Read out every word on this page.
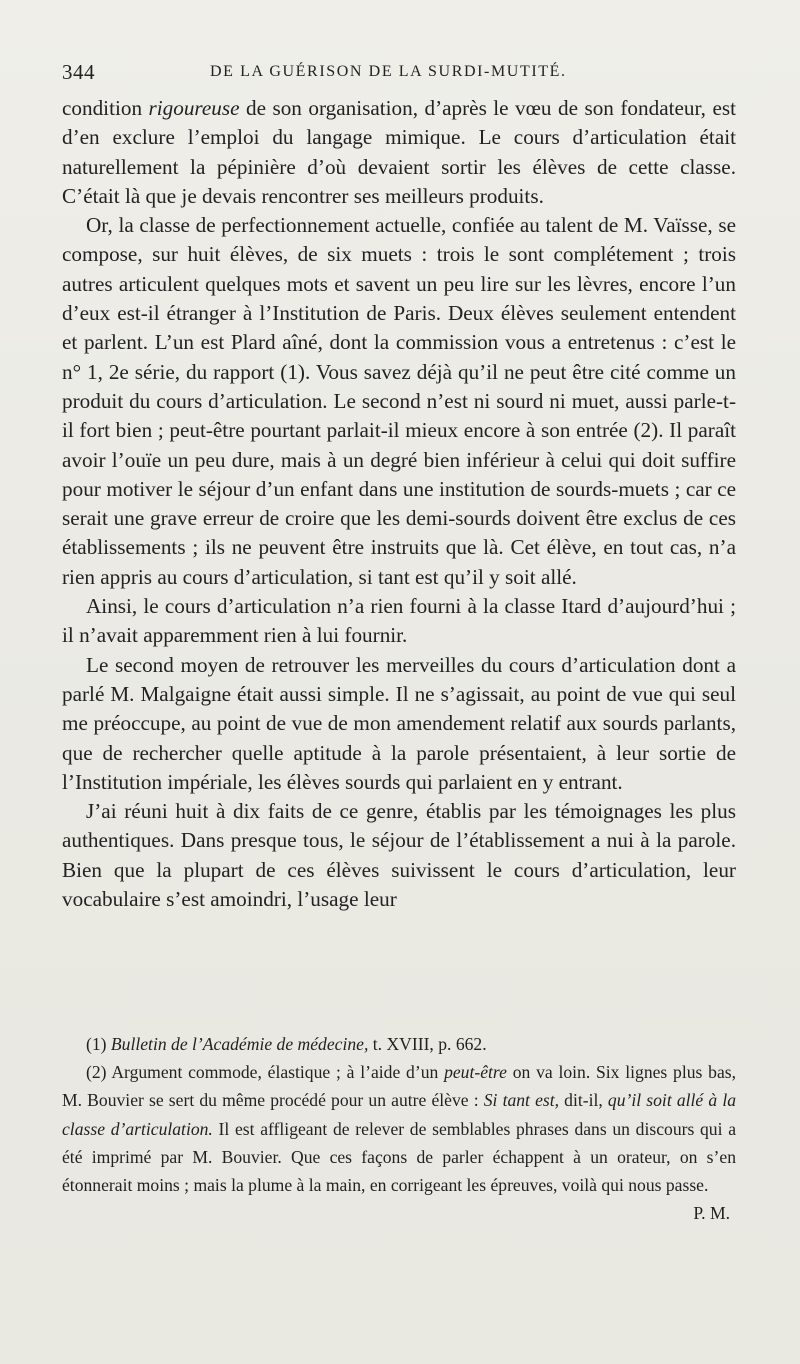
344	DE LA GUÉRISON DE LA SURDI-MUTITÉ.

condition rigoureuse de son organisation, d’après le vœu de son fondateur, est d’en exclure l’emploi du langage mimique. Le cours d’articulation était naturellement la pépinière d’où devaient sortir les élèves de cette classe. C’était là que je devais rencontrer ses meilleurs produits.

Or, la classe de perfectionnement actuelle, confiée au talent de M. Vaïsse, se compose, sur huit élèves, de six muets : trois le sont complétement ; trois autres articulent quelques mots et savent un peu lire sur les lèvres, encore l’un d’eux est-il étranger à l’Institution de Paris. Deux élèves seulement entendent et parlent. L’un est Plard aîné, dont la commission vous a entretenus : c’est le n° 1, 2e série, du rapport (1). Vous savez déjà qu’il ne peut être cité comme un produit du cours d’articulation. Le second n’est ni sourd ni muet, aussi parle-t-il fort bien ; peut-être pourtant parlait-il mieux encore à son entrée (2). Il paraît avoir l’ouïe un peu dure, mais à un degré bien inférieur à celui qui doit suffire pour motiver le séjour d’un enfant dans une institution de sourds-muets ; car ce serait une grave erreur de croire que les demi-sourds doivent être exclus de ces établissements ; ils ne peuvent être instruits que là. Cet élève, en tout cas, n’a rien appris au cours d’articulation, si tant est qu’il y soit allé.

Ainsi, le cours d’articulation n’a rien fourni à la classe Itard d’aujourd’hui ; il n’avait apparemment rien à lui fournir.

Le second moyen de retrouver les merveilles du cours d’articulation dont a parlé M. Malgaigne était aussi simple. Il ne s’agissait, au point de vue qui seul me préoccupe, au point de vue de mon amendement relatif aux sourds parlants, que de rechercher quelle aptitude à la parole présentaient, à leur sortie de l’Institution impériale, les élèves sourds qui parlaient en y entrant.

J’ai réuni huit à dix faits de ce genre, établis par les témoignages les plus authentiques. Dans presque tous, le séjour de l’établissement a nui à la parole. Bien que la plupart de ces élèves suivissent le cours d’articulation, leur vocabulaire s’est amoindri, l’usage leur

(1) Bulletin de l’Académie de médecine, t. XVIII, p. 662.

(2) Argument commode, élastique ; à l’aide d’un peut-être on va loin. Six lignes plus bas, M. Bouvier se sert du même procédé pour un autre élève : Si tant est, dit-il, qu’il soit allé à la classe d’articulation. Il est affligeant de relever de semblables phrases dans un discours qui a été imprimé par M. Bouvier. Que ces façons de parler échappent à un orateur, on s’en étonnerait moins ; mais la plume à la main, en corrigeant les épreuves, voilà qui nous passe.
P. M.
